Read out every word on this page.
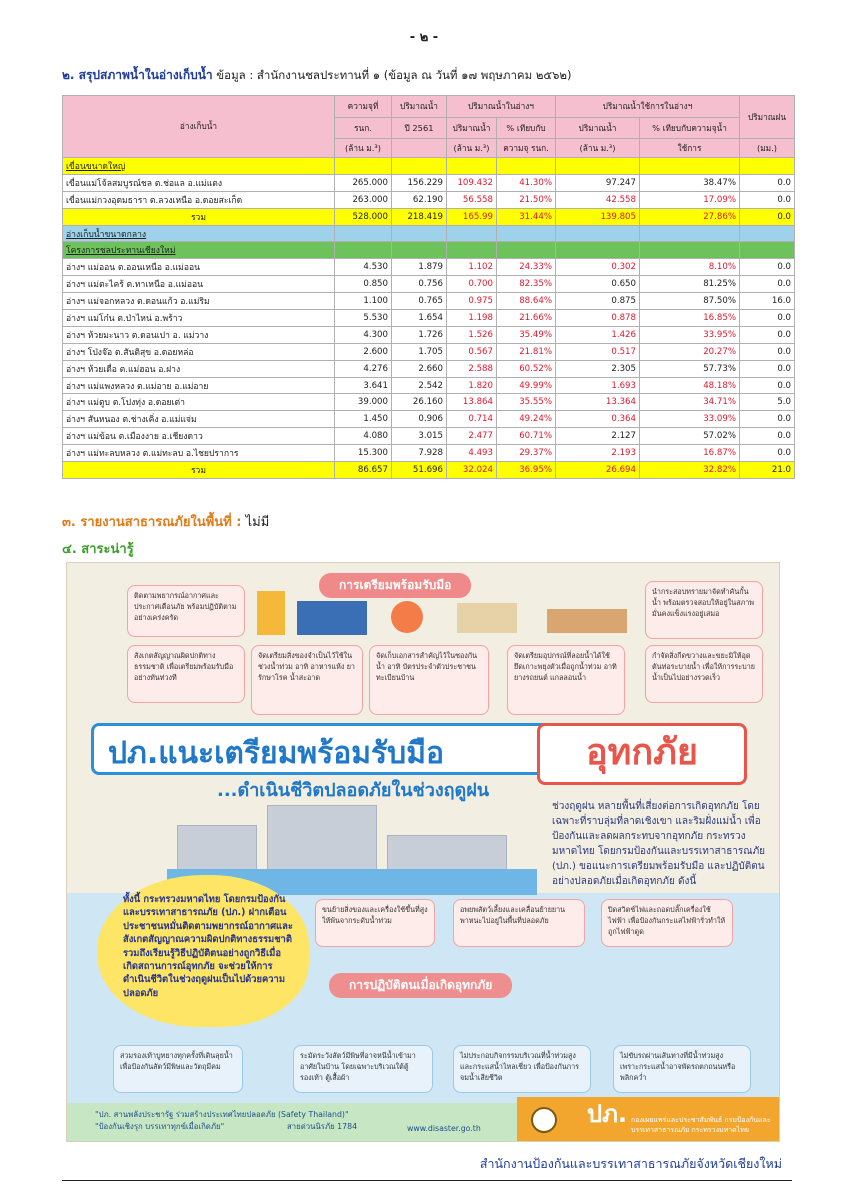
- ๒ -
๒. สรุปสภาพน้ำในอ่างเก็บน้ำ ข้อมูล : สำนักงานชลประทานที่ ๑ (ข้อมูล ณ วันที่ ๑๗ พฤษภาคม ๒๕๖๒)
อ่างเก็บน้ำ	ความจุที่	ปริมาณน้ำ	ปริมาณน้ำในอ่างฯ		ปริมาณน้ำใช้การในอ่างฯ		ปริมาณฝน
	รนก.	ปี 2561	ปริมาณน้ำ	% เทียบกับ	ปริมาณน้ำ	% เทียบกับความจุน้ำ	
	(ล้าน ม.³)		(ล้าน ม.³)	ความจุ รนก.	(ล้าน ม.³)	ใช้การ	(มม.)
เขื่อนขนาดใหญ่							
เขื่อนแม่โจ้ลสมบูรณ์ชล ต.ช่อแล อ.แม่แตง	265.000	156.229	109.432	41.30%	97.247	38.47%	0.0
เขื่อนแม่กวงอุดมธารา ต.ลวงเหนือ อ.ดอยสะเก็ด	263.000	62.190	56.558	21.50%	42.558	17.09%	0.0
รวม	528.000	218.419	165.99	31.44%	139.805	27.86%	0.0
อ่างเก็บน้ำขนาดกลาง							
โครงการชลประทานเชียงใหม่							
อ่างฯ แม่ออน ต.ออนเหนือ อ.แม่ออน	4.530	1.879	1.102	24.33%	0.302	8.10%	0.0
อ่างฯ แม่ตะไคร้ ต.ทาเหนือ อ.แม่ออน	0.850	0.756	0.700	82.35%	0.650	81.25%	0.0
อ่างฯ แม่จอกหลวง ต.ดอนแก้ว อ.แม่ริม	1.100	0.765	0.975	88.64%	0.875	87.50%	16.0
อ่างฯ แม่โก๋น ต.ป่าไหน่ อ.พร้าว	5.530	1.654	1.198	21.66%	0.878	16.85%	0.0
อ่างฯ ห้วยมะนาว ต.ดอนเปา อ. แม่วาง	4.300	1.726	1.526	35.49%	1.426	33.95%	0.0
อ่างฯ โป่งจ๊อ ต.สันติสุข อ.ดอยหล่อ	2.600	1.705	0.567	21.81%	0.517	20.27%	0.0
อ่างฯ ห้วยเดื่อ ต.แม่ฮอน อ.ฝาง	4.276	2.660	2.588	60.52%	2.305	57.73%	0.0
อ่างฯ แม่แพงหลวง ต.แม่อาย อ.แม่อาย	3.641	2.542	1.820	49.99%	1.693	48.18%	0.0
อ่างฯ แม่ตูบ ต.โปงทุ่ง อ.ดอยเต่า	39.000	26.160	13.864	35.55%	13.364	34.71%	5.0
อ่างฯ สันหนอง ต.ช่างเคิ่ง อ.แม่แจ่ม	1.450	0.906	0.714	49.24%	0.364	33.09%	0.0
อ่างฯ แม่ข้อน ต.เมืองงาย อ.เชียงดาว	4.080	3.015	2.477	60.71%	2.127	57.02%	0.0
อ่างฯ แม่ทะลบหลวง ต.แม่ทะลบ อ.ไชยปราการ	15.300	7.928	4.493	29.37%	2.193	16.87%	0.0
รวม	86.657	51.696	32.024	36.95%	26.694	32.82%	21.0
๓. รายงานสาธารณภัยในพื้นที่ : ไม่มี
๔. สาระน่ารู้
การเตรียมพร้อมรับมือ
ติดตามพยากรณ์อากาศและประกาศเตือนภัย พร้อมปฏิบัติตามอย่างเคร่งครัด
สังเกตสัญญาณผิดปกติทางธรรมชาติ เพื่อเตรียมพร้อมรับมืออย่างทันท่วงที
จัดเตรียมสิ่งของจำเป็นไว้ใช้ในช่วงน้ำท่วม อาทิ อาหารแห้ง ยารักษาโรค น้ำสะอาด
จัดเก็บเอกสารสำคัญไว้ในซองกันน้ำ อาทิ บัตรประจำตัวประชาชน ทะเบียนบ้าน
จัดเตรียมอุปกรณ์ที่ลอยน้ำได้ใช้ยึดเกาะพยุงตัวเมื่อถูกน้ำท่วม อาทิ ยางรถยนต์ แกลลอนน้ำ
นำกระสอบทรายมาจัดทำคันกั้นน้ำ พร้อมตรวจสอบให้อยู่ในสภาพมั่นคงแข็งแรงอยู่เสมอ
กำจัดสิ่งกีดขวางและขยะมิให้อุดตันท่อระบายน้ำ เพื่อให้การระบายน้ำเป็นไปอย่างรวดเร็ว
ปภ.แนะเตรียมพร้อมรับมือ	อุทกภัย
...ดำเนินชีวิตปลอดภัยในช่วงฤดูฝน
ช่วงฤดูฝน หลายพื้นที่เสี่ยงต่อการเกิดอุทกภัย โดยเฉพาะที่ราบลุ่มที่ลาดเชิงเขา และริมฝั่งแม่น้ำ เพื่อป้องกันและลดผลกระทบจากอุทกภัย กระทรวงมหาดไทย โดยกรมป้องกันและบรรเทาสาธารณภัย (ปภ.) ขอแนะการเตรียมพร้อมรับมือ และปฏิบัติตนอย่างปลอดภัยเมื่อเกิดอุทกภัย ดังนี้
ทั้งนี้ กระทรวงมหาดไทย โดยกรมป้องกันและบรรเทาสาธารณภัย (ปภ.) ฝากเตือนประชาชนหมั่นติดตามพยากรณ์อากาศและสังเกตสัญญาณความผิดปกติทางธรรมชาติ รวมถึงเรียนรู้วิธีปฏิบัติตนอย่างถูกวิธีเมื่อเกิดสถานการณ์อุทกภัย จะช่วยให้การดำเนินชีวิตในช่วงฤดูฝนเป็นไปด้วยความปลอดภัย
ขนย้ายสิ่งของและเครื่องใช้ขึ้นที่สูง ให้พ้นจากระดับน้ำท่วม
อพยพสัตว์เลี้ยงและเคลื่อนย้ายยานพาหนะไปอยู่ในพื้นที่ปลอดภัย
ปิดสวิตช์ไฟและถอดปลั๊กเครื่องใช้ไฟฟ้า เพื่อป้องกันกระแสไฟฟ้ารั่วทำให้ถูกไฟฟ้าดูด
การปฏิบัติตนเมื่อเกิดอุทกภัย
สวมรองเท้าบูทยางทุกครั้งที่เดินลุยน้ำ เพื่อป้องกันสัตว์มีพิษและวัตถุมีคม
ระมัดระวังสัตว์มีพิษที่อาจหนีน้ำเข้ามาอาศัยในบ้าน โดยเฉพาะบริเวณใต้ตู้ รองเท้า ตู้เสื้อผ้า
ไม่ประกอบกิจกรรมบริเวณที่น้ำท่วมสูงและกระแสน้ำไหลเชี่ยว เพื่อป้องกันการจมน้ำเสียชีวิต
ไม่ขับรถผ่านเส้นทางที่มีน้ำท่วมสูง เพราะกระแสน้ำอาจพัดรถตกถนนหรือพลิกคว่ำ
"ปภ. สานพลังประชารัฐ ร่วมสร้างประเทศไทยปลอดภัย (Safety Thailand)"
"ป้องกันเชิงรุก บรรเทาทุกข์เมื่อเกิดภัย"	สายด่วนนิรภัย 1784	www.disaster.go.th
ปภ. กองเผยแพร่และประชาสัมพันธ์ กรมป้องกันและบรรเทาสาธารณภัย กระทรวงมหาดไทย
สำนักงานป้องกันและบรรเทาสาธารณภัยจังหวัดเชียงใหม่
